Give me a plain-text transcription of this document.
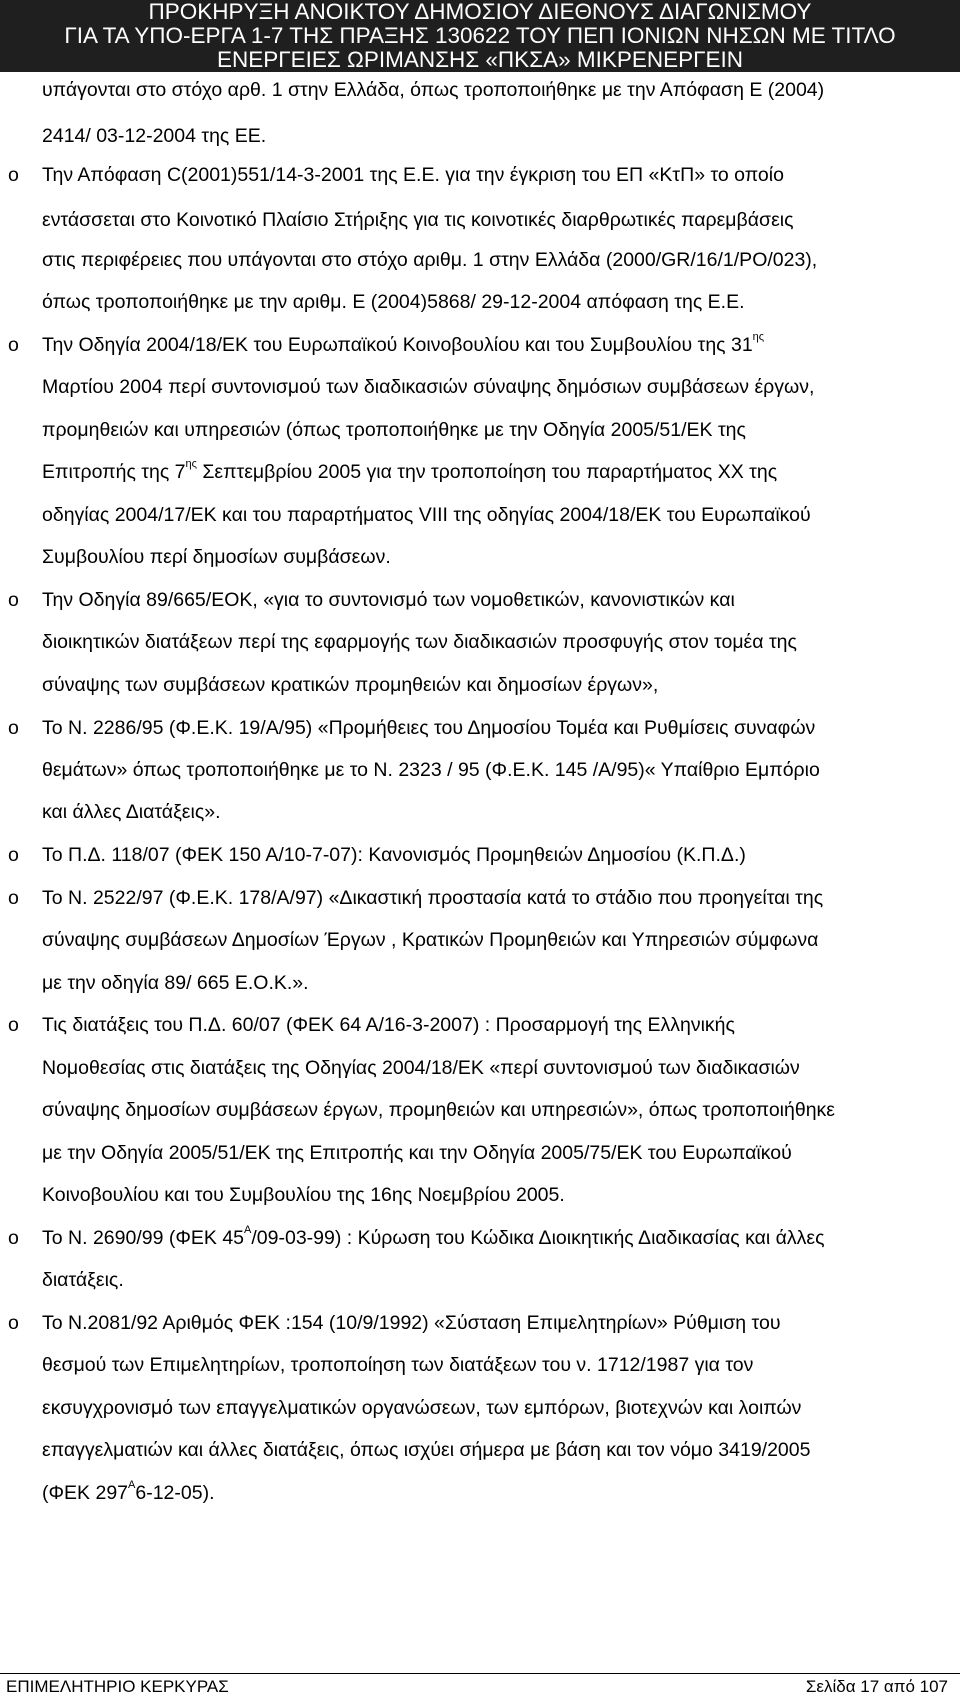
ΠΡΟΚΗΡΥΞΗ ΑΝΟΙΚΤΟΥ ΔΗΜΟΣΙΟΥ ΔΙΕΘΝΟΥΣ ΔΙΑΓΩΝΙΣΜΟΥ
ΓΙΑ ΤΑ ΥΠΟ-ΕΡΓΑ 1-7 ΤΗΣ ΠΡΑΞΗΣ 130622 ΤΟΥ ΠΕΠ ΙΟΝΙΩΝ ΝΗΣΩΝ ΜΕ ΤΙΤΛΟ
ΕΝΕΡΓΕΙΕΣ ΩΡΙΜΑΝΣΗΣ «ΠΚΣΑ» ΜΙΚΡΕΝΕΡΓΕΙΝ
υπάγονται στο στόχο αρθ. 1 στην Ελλάδα, όπως τροποποιήθηκε με την Απόφαση Ε (2004)
2414/ 03-12-2004 της ΕΕ.
o Την Απόφαση C(2001)551/14-3-2001 της Ε.Ε. για την έγκριση του ΕΠ «ΚτΠ» το οποίο
εντάσσεται στο Κοινοτικό Πλαίσιο Στήριξης για τις κοινοτικές διαρθρωτικές παρεμβάσεις
στις περιφέρειες που υπάγονται στο στόχο αριθμ. 1 στην Ελλάδα (2000/GR/16/1/PO/023),
όπως τροποποιήθηκε με την αριθμ. Ε (2004)5868/ 29-12-2004 απόφαση της Ε.Ε.
o Την Οδηγία 2004/18/ΕΚ του Ευρωπαϊκού Κοινοβουλίου και του Συμβουλίου της $31^{\eta\varsigma}$
Μαρτίου 2004 περί συντονισμού των διαδικασιών σύναψης δημόσιων συμβάσεων έργων,
προμηθειών και υπηρεσιών (όπως τροποποιήθηκε με την Οδηγία 2005/51/ΕΚ της
Επιτροπής της $7^{\eta\varsigma}$ Σεπτεμβρίου 2005 για την τροποποίηση του παραρτήματος ΧΧ της
οδηγίας 2004/17/ΕΚ και του παραρτήματος VIII της οδηγίας 2004/18/ΕΚ του Ευρωπαϊκού
Συμβουλίου περί δημοσίων συμβάσεων.
o Την Οδηγία 89/665/ΕΟΚ, «για το συντονισμό των νομοθετικών, κανονιστικών και
διοικητικών διατάξεων περί της εφαρμογής των διαδικασιών προσφυγής στον τομέα της
σύναψης των συμβάσεων κρατικών προμηθειών και δημοσίων έργων»,
o Το Ν. 2286/95 (Φ.Ε.Κ. 19/Α/95) «Προμήθειες του Δημοσίου Τομέα και Ρυθμίσεις συναφών
θεμάτων» όπως τροποποιήθηκε με το Ν. 2323 / 95 (Φ.Ε.Κ. 145 /Α/95)« Υπαίθριο Εμπόριο
και άλλες Διατάξεις».
o Το Π.Δ. 118/07 (ΦΕΚ 150 Α/10-7-07): Κανονισμός Προμηθειών Δημοσίου (Κ.Π.Δ.)
o Το Ν. 2522/97 (Φ.Ε.Κ. 178/Α/97) «Δικαστική προστασία κατά το στάδιο που προηγείται της
σύναψης συμβάσεων Δημοσίων Έργων , Κρατικών Προμηθειών και Υπηρεσιών σύμφωνα
με την οδηγία 89/ 665 Ε.Ο.Κ.».
o Τις διατάξεις του Π.Δ. 60/07 (ΦΕΚ 64 Α/16-3-2007) : Προσαρμογή της Ελληνικής
Νομοθεσίας στις διατάξεις της Οδηγίας 2004/18/ΕΚ «περί συντονισμού των διαδικασιών
σύναψης δημοσίων συμβάσεων έργων, προμηθειών και υπηρεσιών», όπως τροποποιήθηκε
με την Οδηγία 2005/51/ΕΚ της Επιτροπής και την Οδηγία 2005/75/ΕΚ του Ευρωπαϊκού
Κοινοβουλίου και του Συμβουλίου της 16ης Νοεμβρίου 2005.
o Το Ν. 2690/99 (ΦΕΚ $45^A/09-03-99$) : Κύρωση του Κώδικα Διοικητικής Διαδικασίας και άλλες
διατάξεις.
o Το Ν.2081/92 Αριθμός ΦΕΚ :154 (10/9/1992) «Σύσταση Επιμελητηρίων» Ρύθμιση του
θεσμού των Επιμελητηρίων, τροποποίηση των διατάξεων του ν. 1712/1987 για τον
εκσυγχρονισμό των επαγγελματικών οργανώσεων, των εμπόρων, βιοτεχνών και λοιπών
επαγγελματιών και άλλες διατάξεις, όπως ισχύει σήμερα με βάση και τον νόμο 3419/2005
(ΦΕΚ $297^A6-12-05$).
ΕΠΙΜΕΛΗΤΗΡΙΟ ΚΕΡΚΥΡΑΣ	Σελίδα 17 από 107
